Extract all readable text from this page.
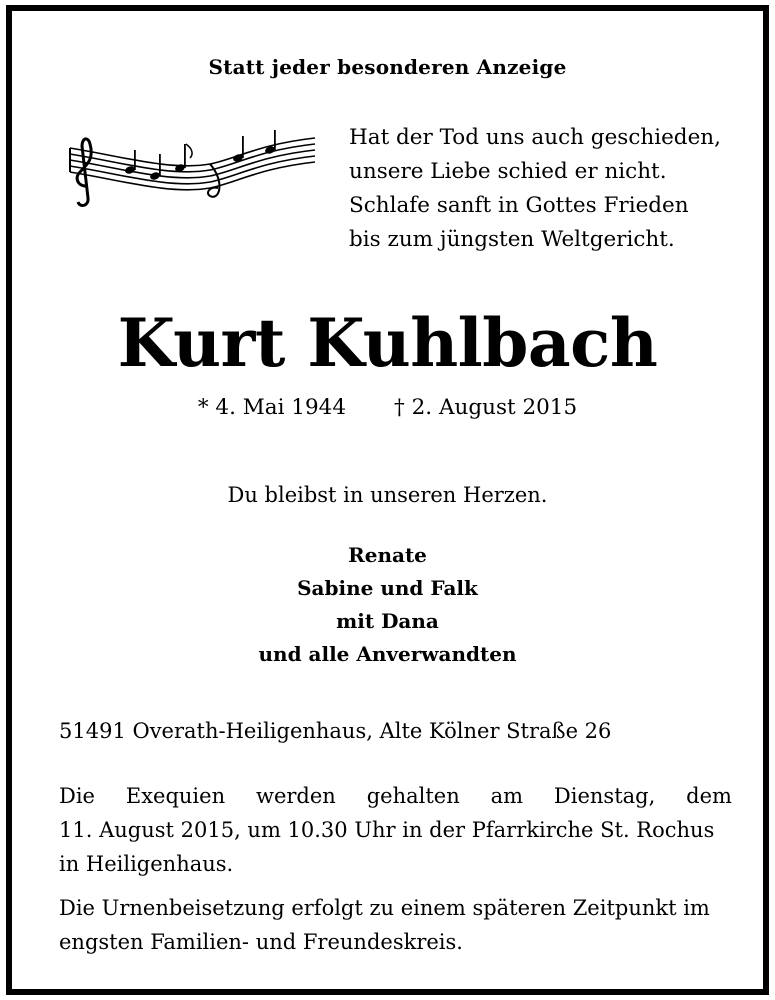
Statt jeder besonderen Anzeige
Hat der Tod uns auch geschieden,
unsere Liebe schied er nicht.
Schlafe sanft in Gottes Frieden
bis zum jüngsten Weltgericht.
Kurt Kuhlbach
* 4. Mai 1944 † 2. August 2015
Du bleibst in unseren Herzen.
Renate
Sabine und Falk
mit Dana
und alle Anverwandten
51491 Overath-Heiligenhaus, Alte Kölner Straße 26
Die Exequien werden gehalten am Dienstag, dem
11. August 2015, um 10.30 Uhr in der Pfarrkirche St. Rochus
in Heiligenhaus.
Die Urnenbeisetzung erfolgt zu einem späteren Zeitpunkt im
engsten Familien- und Freundeskreis.
